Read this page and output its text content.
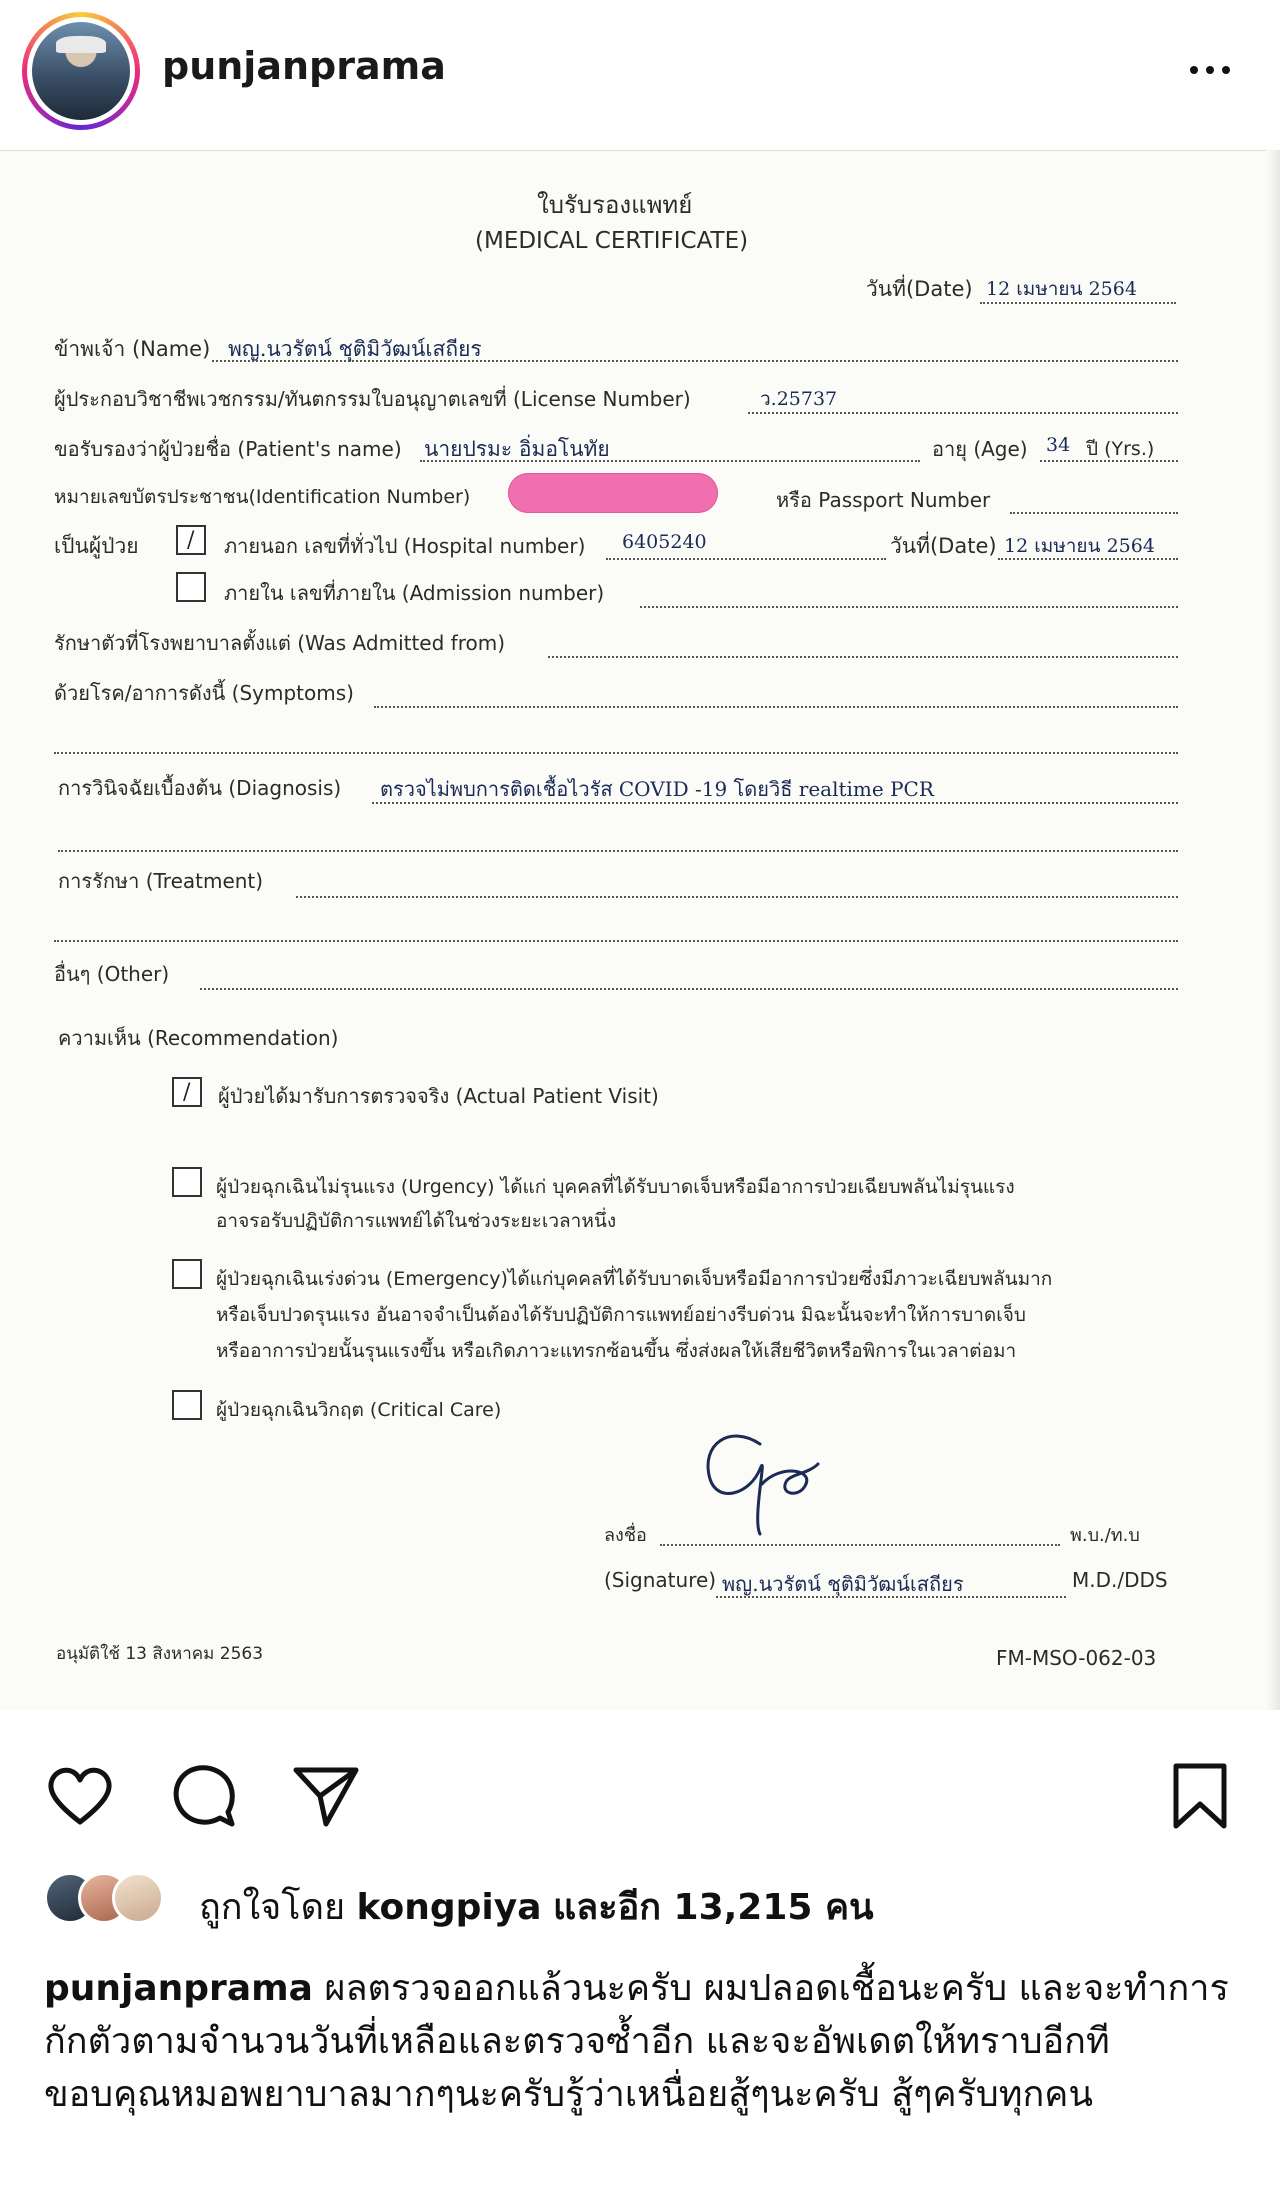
punjanprama
ใบรับรองแพทย์
(MEDICAL CERTIFICATE)
วันที่(Date) 12 เมษายน 2564
ข้าพเจ้า (Name) พญ.นวรัตน์ ชุติมิวัฒน์เสถียร
ผู้ประกอบวิชาชีพเวชกรรม/ทันตกรรมใบอนุญาตเลขที่ (License Number)	ว.25737
ขอรับรองว่าผู้ป่วยชื่อ (Patient's name) นายปรมะ อิ่มอโนทัย	อายุ (Age) 34 ปี (Yrs.)
หมายเลขบัตรประชาชน(Identification Number)	หรือ Passport Number
เป็นผู้ป่วย / ภายนอก เลขที่ทั่วไป (Hospital number) 6405240	วันที่(Date) 12 เมษายน 2564
ภายใน เลขที่ภายใน (Admission number)
รักษาตัวที่โรงพยาบาลตั้งแต่ (Was Admitted from)
ด้วยโรค/อาการดังนี้ (Symptoms)
การวินิจฉัยเบื้องต้น (Diagnosis) ตรวจไม่พบการติดเชื้อไวรัส COVID -19 โดยวิธี realtime PCR
การรักษา (Treatment)
อื่นๆ (Other)
ความเห็น (Recommendation)
/ ผู้ป่วยได้มารับการตรวจจริง (Actual Patient Visit)
ผู้ป่วยฉุกเฉินไม่รุนแรง (Urgency) ได้แก่ บุคคลที่ได้รับบาดเจ็บหรือมีอาการป่วยเฉียบพลันไม่รุนแรง
อาจรอรับปฏิบัติการแพทย์ได้ในช่วงระยะเวลาหนึ่ง
ผู้ป่วยฉุกเฉินเร่งด่วน (Emergency)ได้แก่บุคคลที่ได้รับบาดเจ็บหรือมีอาการป่วยซึ่งมีภาวะเฉียบพลันมาก
หรือเจ็บปวดรุนแรง อันอาจจำเป็นต้องได้รับปฏิบัติการแพทย์อย่างรีบด่วน มิฉะนั้นจะทำให้การบาดเจ็บ
หรืออาการป่วยนั้นรุนแรงขึ้น หรือเกิดภาวะแทรกซ้อนขึ้น ซึ่งส่งผลให้เสียชีวิตหรือพิการในเวลาต่อมา
ผู้ป่วยฉุกเฉินวิกฤต (Critical Care)
ลงชื่อ	พ.บ./ท.บ
(Signature) พญ.นวรัตน์ ชุติมิวัฒน์เสถียร	M.D./DDS
อนุมัติใช้ 13 สิงหาคม 2563	FM-MSO-062-03
ถูกใจโดย kongpiya และอีก 13,215 คน
punjanprama ผลตรวจออกแล้วนะครับ ผมปลอดเชื้อนะครับ และจะทำการกักตัวตามจำนวนวันที่เหลือและตรวจซ้ำอีก และจะอัพเดตให้ทราบอีกที ขอบคุณหมอพยาบาลมากๆนะครับรู้ว่าเหนื่อยสู้ๆนะครับ สู้ๆครับทุกคน
